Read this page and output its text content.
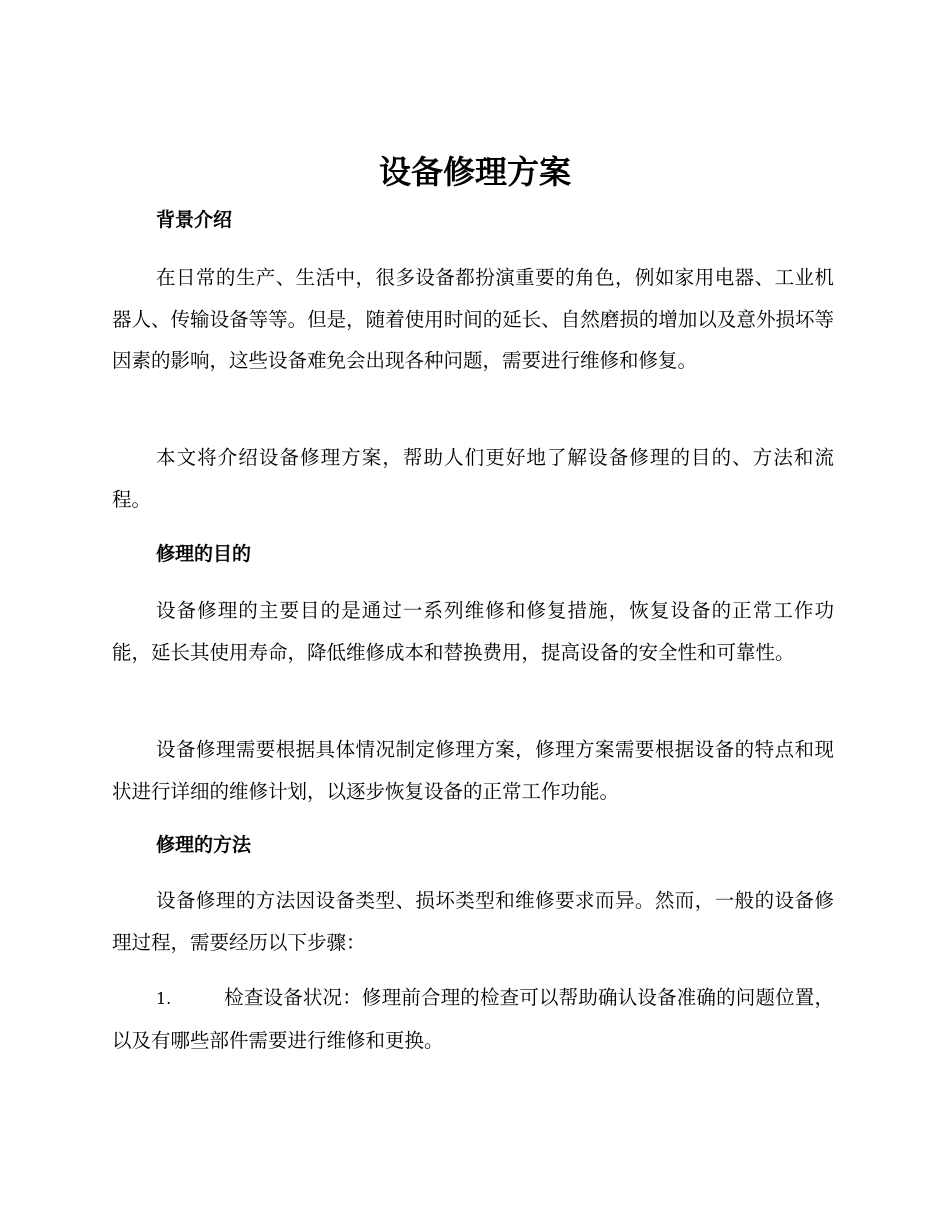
设备修理方案
背景介绍

在日常的生产、生活中，很多设备都扮演重要的角色，例如家用电器、工业机器人、传输设备等等。但是，随着使用时间的延长、自然磨损的增加以及意外损坏等因素的影响，这些设备难免会出现各种问题，需要进行维修和修复。

本文将介绍设备修理方案，帮助人们更好地了解设备修理的目的、方法和流程。

修理的目的

设备修理的主要目的是通过一系列维修和修复措施，恢复设备的正常工作功能，延长其使用寿命，降低维修成本和替换费用，提高设备的安全性和可靠性。

设备修理需要根据具体情况制定修理方案，修理方案需要根据设备的特点和现状进行详细的维修计划，以逐步恢复设备的正常工作功能。

修理的方法

设备修理的方法因设备类型、损坏类型和维修要求而异。然而，一般的设备修理过程，需要经历以下步骤：

1.	检查设备状况：修理前合理的检查可以帮助确认设备准确的问题位置，以及有哪些部件需要进行维修和更换。
